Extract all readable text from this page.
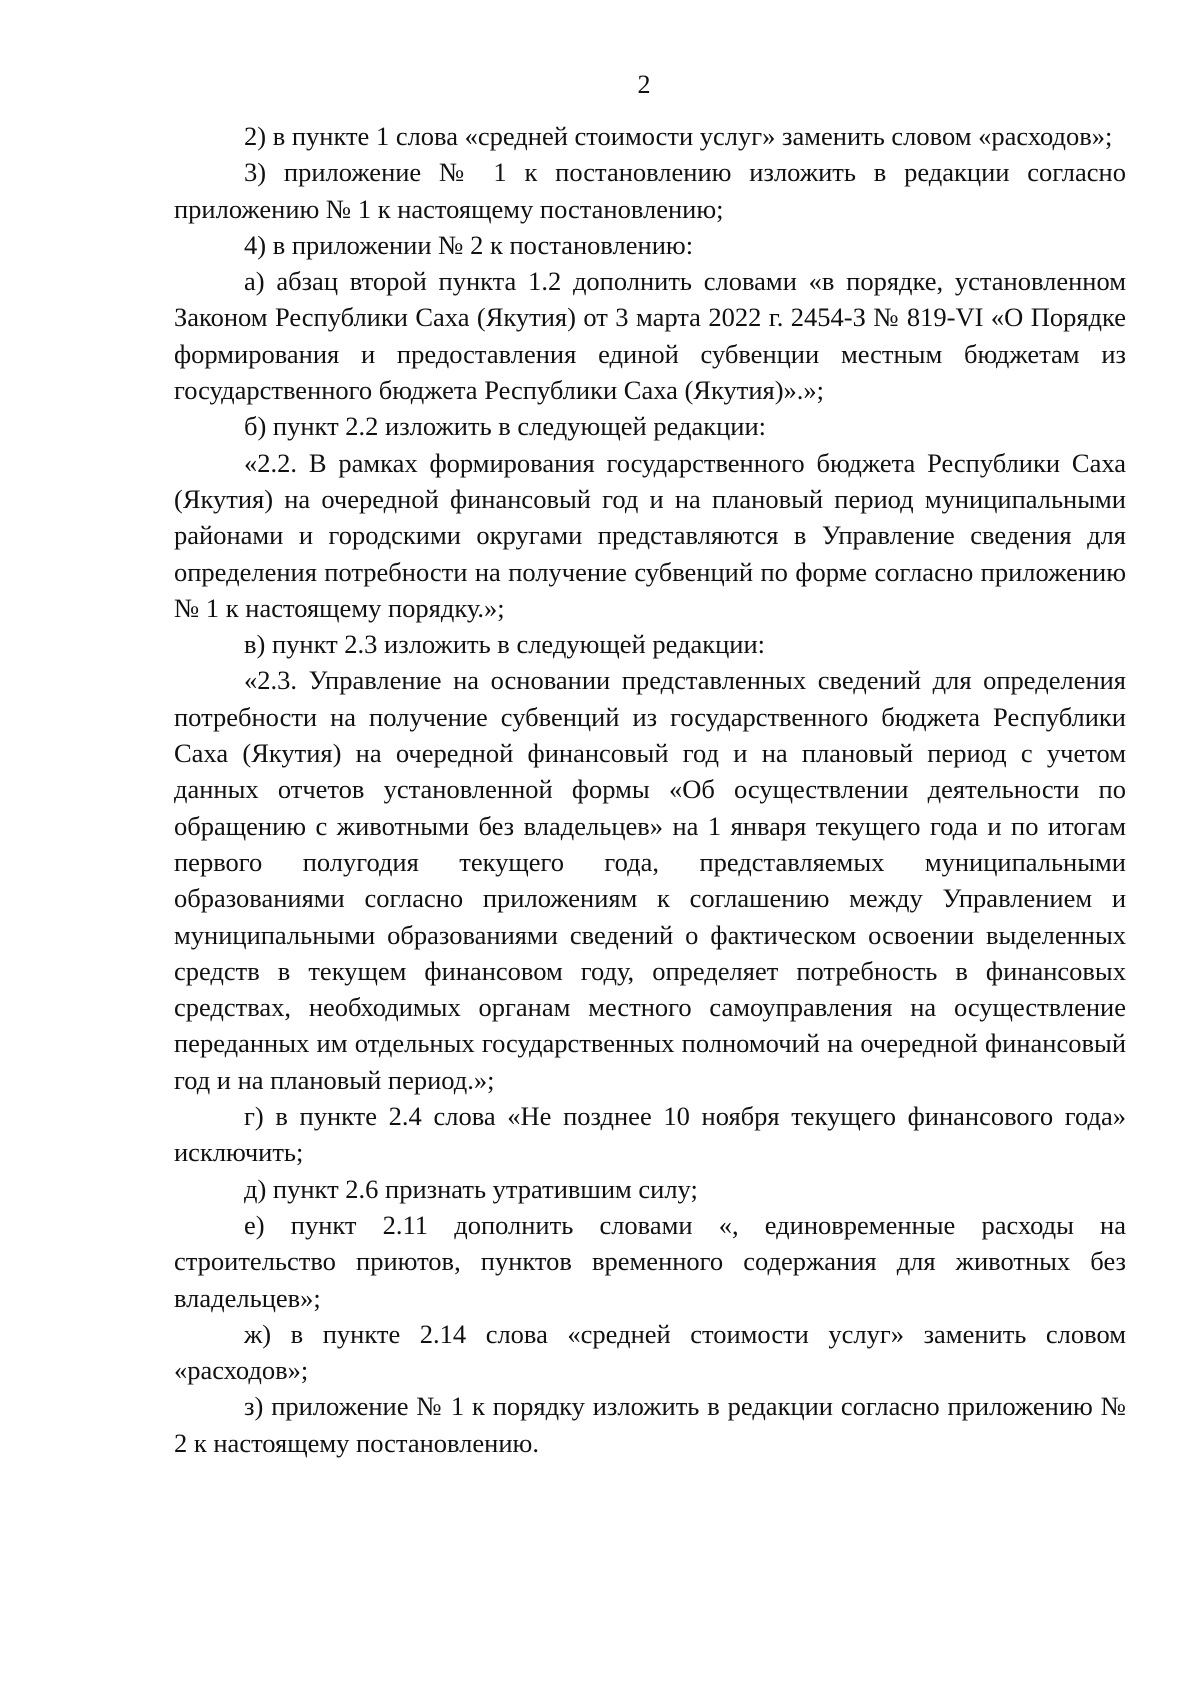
2

2) в пункте 1 слова «средней стоимости услуг» заменить словом «расходов»;

3) приложение № 1 к постановлению изложить в редакции согласно приложению № 1 к настоящему постановлению;

4) в приложении № 2 к постановлению:

а) абзац второй пункта 1.2 дополнить словами «в порядке, установленном Законом Республики Саха (Якутия) от 3 марта 2022 г. 2454-З № 819-VI «О Порядке формирования и предоставления единой субвенции местным бюджетам из государственного бюджета Республики Саха (Якутия)».»;

б) пункт 2.2 изложить в следующей редакции:

«2.2. В рамках формирования государственного бюджета Республики Саха (Якутия) на очередной финансовый год и на плановый период муниципальными районами и городскими округами представляются в Управление сведения для определения потребности на получение субвенций по форме согласно приложению № 1 к настоящему порядку.»;

в) пункт 2.3 изложить в следующей редакции:

«2.3. Управление на основании представленных сведений для определения потребности на получение субвенций из государственного бюджета Республики Саха (Якутия) на очередной финансовый год и на плановый период с учетом данных отчетов установленной формы «Об осуществлении деятельности по обращению с животными без владельцев» на 1 января текущего года и по итогам первого полугодия текущего года, представляемых муниципальными образованиями согласно приложениям к соглашению между Управлением и муниципальными образованиями сведений о фактическом освоении выделенных средств в текущем финансовом году, определяет потребность в финансовых средствах, необходимых органам местного самоуправления на осуществление переданных им отдельных государственных полномочий на очередной финансовый год и на плановый период.»;

г) в пункте 2.4 слова «Не позднее 10 ноября текущего финансового года» исключить;

д) пункт 2.6 признать утратившим силу;

е) пункт 2.11 дополнить словами «, единовременные расходы на строительство приютов, пунктов временного содержания для животных без владельцев»;

ж) в пункте 2.14 слова «средней стоимости услуг» заменить словом «расходов»;

з) приложение № 1 к порядку изложить в редакции согласно приложению № 2 к настоящему постановлению.
